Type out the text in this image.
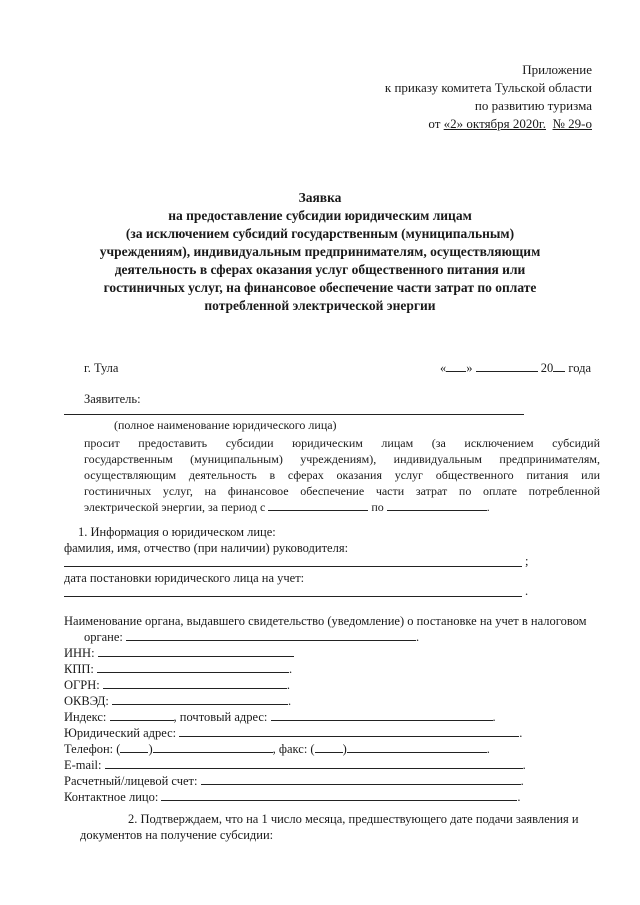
Приложение
к приказу комитета Тульской области
по развитию туризма
от «2» октября 2020г. № 29-о
Заявка
на предоставление субсидии юридическим лицам
(за исключением субсидий государственным (муниципальным)
учреждениям), индивидуальным предпринимателям, осуществляющим
деятельность в сферах оказания услуг общественного питания или
гостиничных услуг, на финансовое обеспечение части затрат по оплате
потребленной электрической энергии
г. Тула	« »	20 года
Заявитель:
(полное наименование юридического лица)
просит предоставить субсидии юридическим лицам (за исключением субсидий
государственным (муниципальным) учреждениям), индивидуальным предпринимателям,
осуществляющим деятельность в сферах оказания услуг общественного питания или
гостиничных услуг, на финансовое обеспечение части затрат по оплате потребленной
электрической энергии, за период с	по	.
1. Информация о юридическом лице:
фамилия, имя, отчество (при наличии) руководителя:
;
дата постановки юридического лица на учет:
.
Наименование органа, выдавшего свидетельство (уведомление) о постановке на учет в налоговом
органе:	.
ИНН:
КПП:	.
ОГРН:	.
ОКВЭД:	.
Индекс:	, почтовый адрес:	.
Юридический адрес:	.
Телефон: ( )	, факс: ( )	.
E-mail:	.
Расчетный/лицевой счет:	.
Контактное лицо:	.
2. Подтверждаем, что на 1 число месяца, предшествующего дате подачи заявления и
документов на получение субсидии:
